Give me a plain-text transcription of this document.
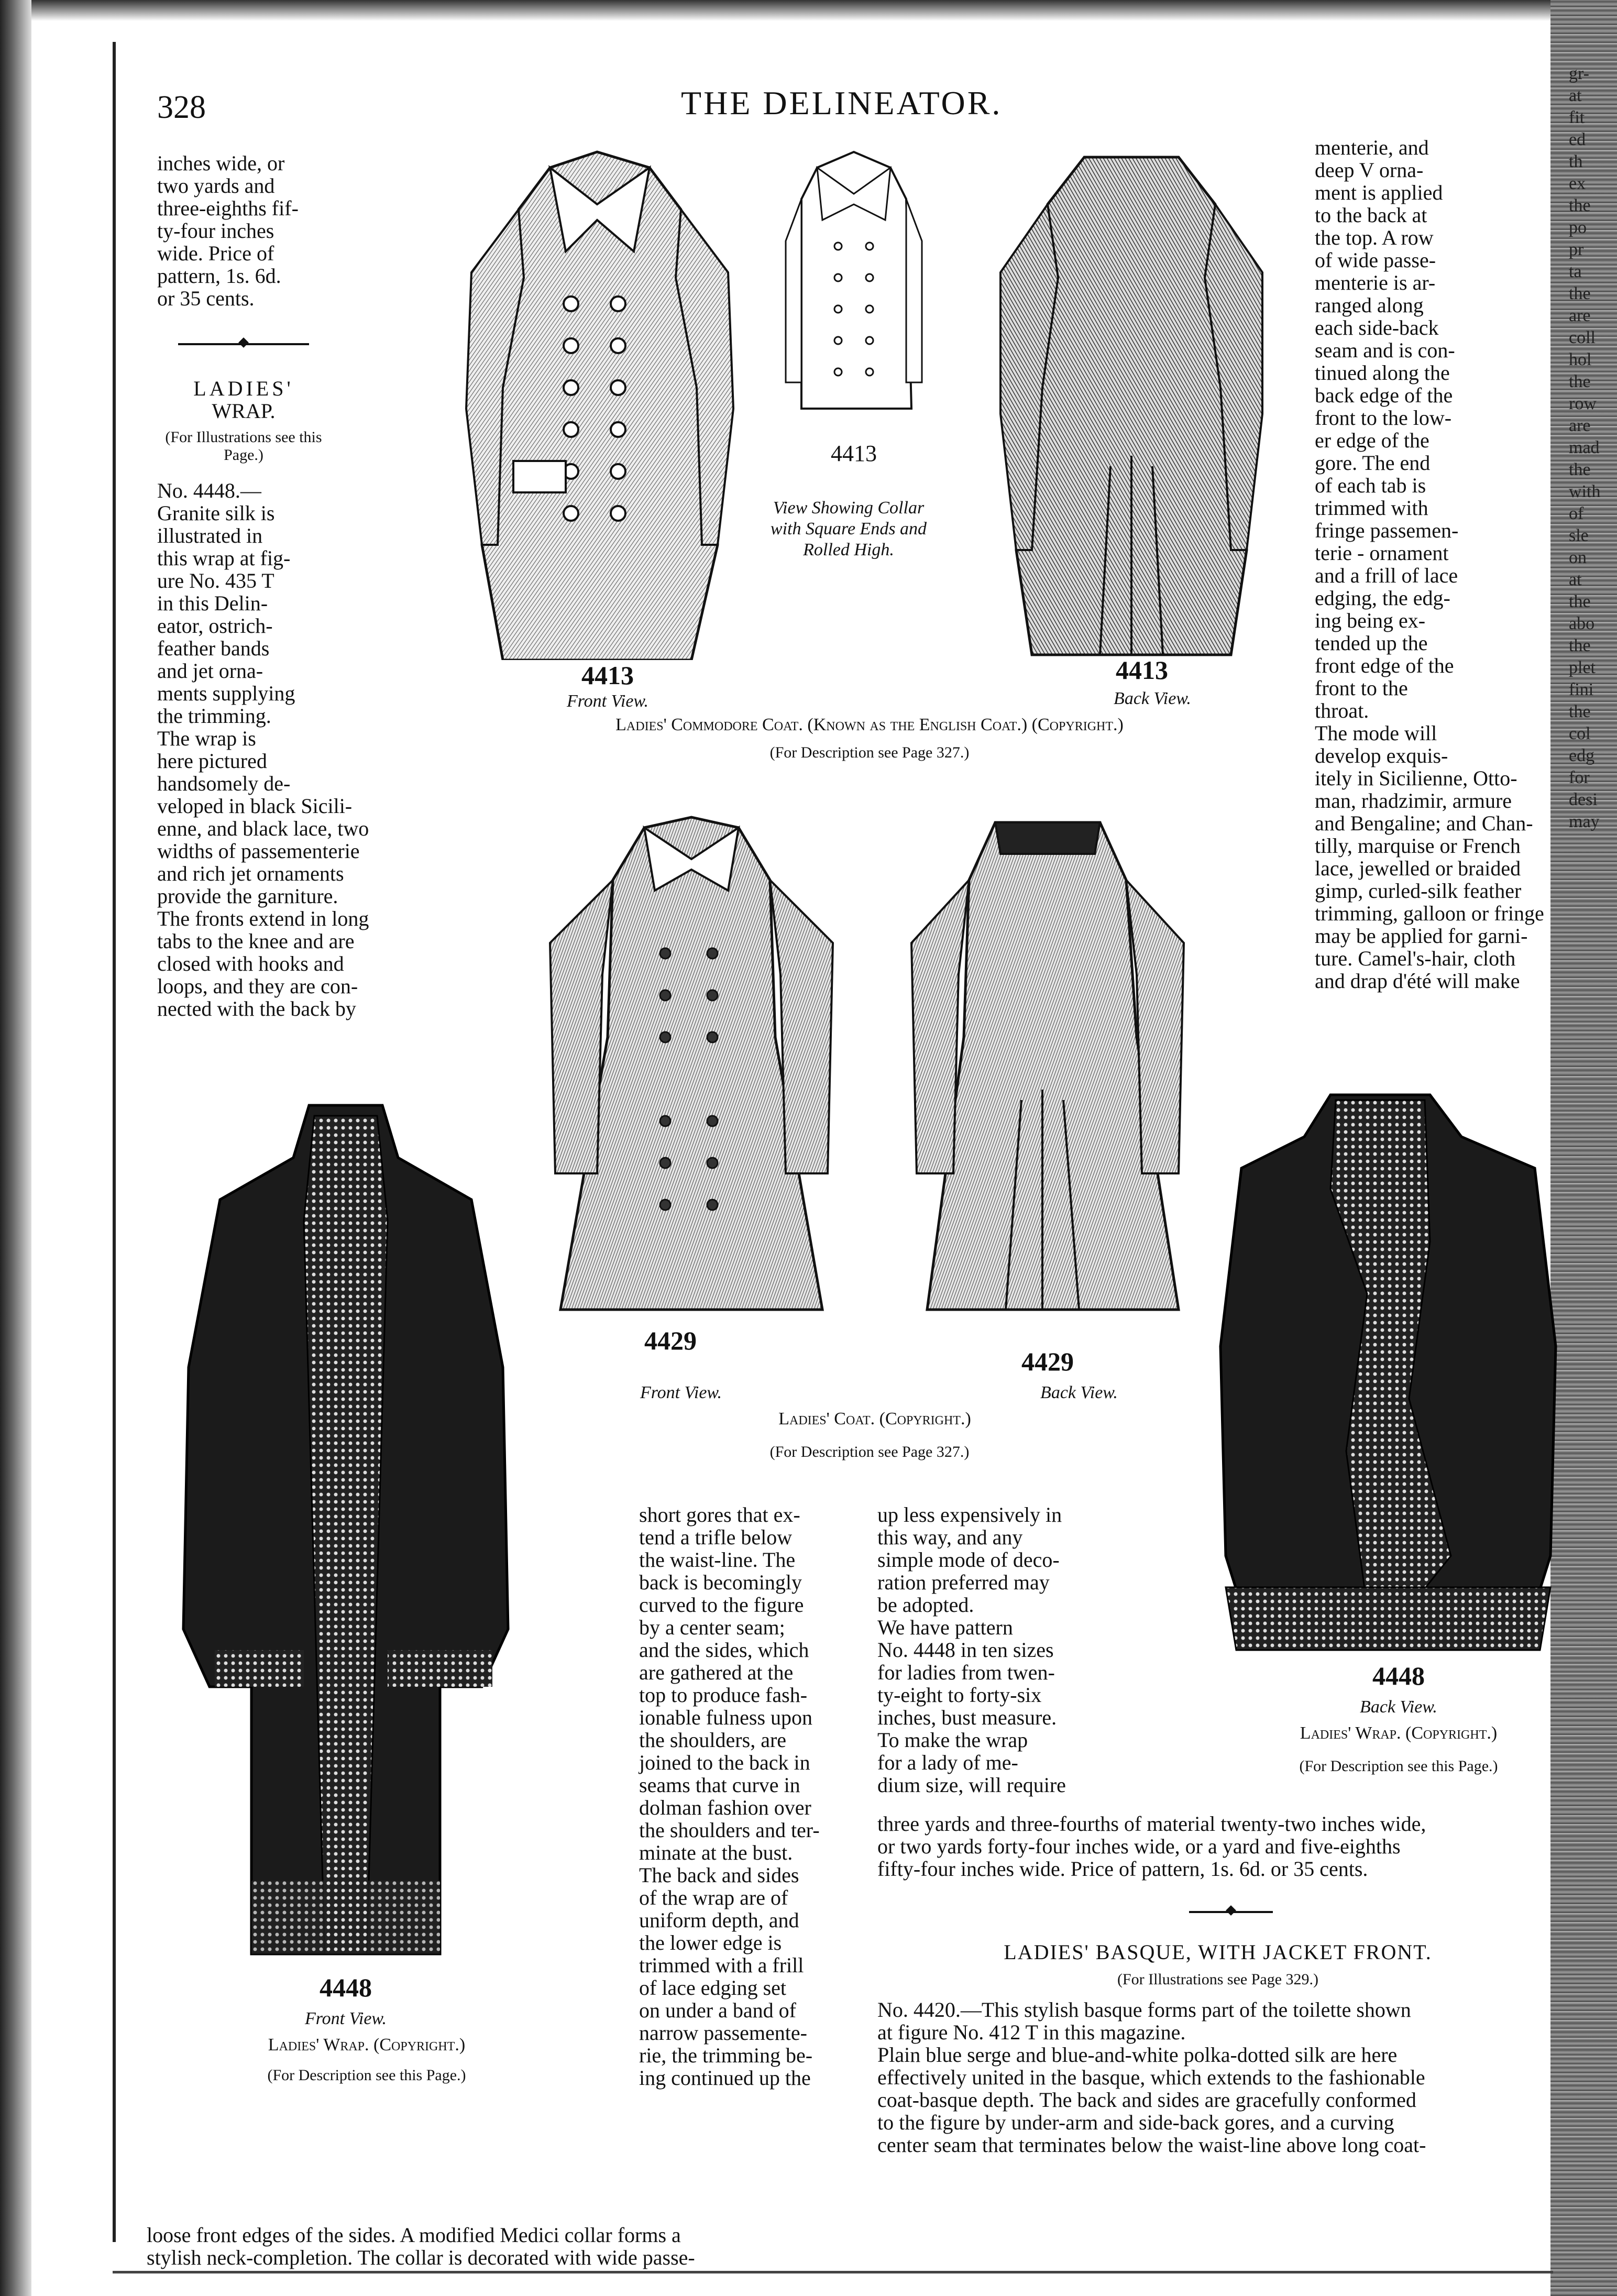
gr-
at
fit
ed
th
ex
the
po
pr
ta
the
are
coll
hol
the
row
are
mad
the
with
of
sle
on
at
the
abo
the
plet
fini
the
col
edg
for
desi
may
328	THE DELINEATOR.
inches wide, or
two yards and
three-eighths fif-
ty-four inches
wide. Price of
pattern, 1s. 6d.
or 35 cents.
LADIES'
WRAP.
(For Illustrations see this Page.)
No. 4448.—
Granite silk is
illustrated in
this wrap at fig-
ure No. 435 T
in this Delin-
eator, ostrich-
feather bands
and jet orna-
ments supplying
the trimming.
The wrap is
here pictured
handsomely de-
veloped in black Sicili-
enne, and black lace, two
widths of passementerie
and rich jet ornaments
provide the garniture.
The fronts extend in long
tabs to the knee and are
closed with hooks and
loops, and they are con-
nected with the back by
menterie, and
deep V orna-
ment is applied
to the back at
the top. A row
of wide passe-
menterie is ar-
ranged along
each side-back
seam and is con-
tinued along the
back edge of the
front to the low-
er edge of the
gore. The end
of each tab is
trimmed with
fringe passemen-
terie - ornament
and a frill of lace
edging, the edg-
ing being ex-
tended up the
front edge of the
front to the
throat.
The mode will
develop exquis-
itely in Sicilienne, Otto-
man, rhadzimir, armure
and Bengaline; and Chan-
tilly, marquise or French
lace, jewelled or braided
gimp, curled-silk feather
trimming, galloon or fringe
may be applied for garni-
ture. Camel's-hair, cloth
and drap d'été will make
4413
Front View.
4413
View Showing Collar
with Square Ends and
Rolled High.
4413
Back View.
Ladies' Commodore Coat. (Known as the English Coat.) (Copyright.)
(For Description see Page 327.)
4429
Front View.
4429
Back View.
Ladies' Coat. (Copyright.)
(For Description see Page 327.)
4448
Front View.
Ladies' Wrap. (Copyright.)
(For Description see this Page.)
4448
Back View.
Ladies' Wrap. (Copyright.)
(For Description see this Page.)
short gores that ex-
tend a trifle below
the waist-line. The
back is becomingly
curved to the figure
by a center seam;
and the sides, which
are gathered at the
top to produce fash-
ionable fulness upon
the shoulders, are
joined to the back in
seams that curve in
dolman fashion over
the shoulders and ter-
minate at the bust.
The back and sides
of the wrap are of
uniform depth, and
the lower edge is
trimmed with a frill
of lace edging set
on under a band of
narrow passemente-
rie, the trimming be-
ing continued up the
up less expensively in
this way, and any
simple mode of deco-
ration preferred may
be adopted.
We have pattern
No. 4448 in ten sizes
for ladies from twen-
ty-eight to forty-six
inches, bust measure.
To make the wrap
for a lady of me-
dium size, will require
three yards and three-fourths of material twenty-two inches wide,
or two yards forty-four inches wide, or a yard and five-eighths
fifty-four inches wide. Price of pattern, 1s. 6d. or 35 cents.
LADIES' BASQUE, WITH JACKET FRONT.
(For Illustrations see Page 329.)
No. 4420.—This stylish basque forms part of the toilette shown
at figure No. 412 T in this magazine.
Plain blue serge and blue-and-white polka-dotted silk are here
effectively united in the basque, which extends to the fashionable
coat-basque depth. The back and sides are gracefully conformed
to the figure by under-arm and side-back gores, and a curving
center seam that terminates below the waist-line above long coat-
loose front edges of the sides. A modified Medici collar forms a
stylish neck-completion. The collar is decorated with wide passe-
